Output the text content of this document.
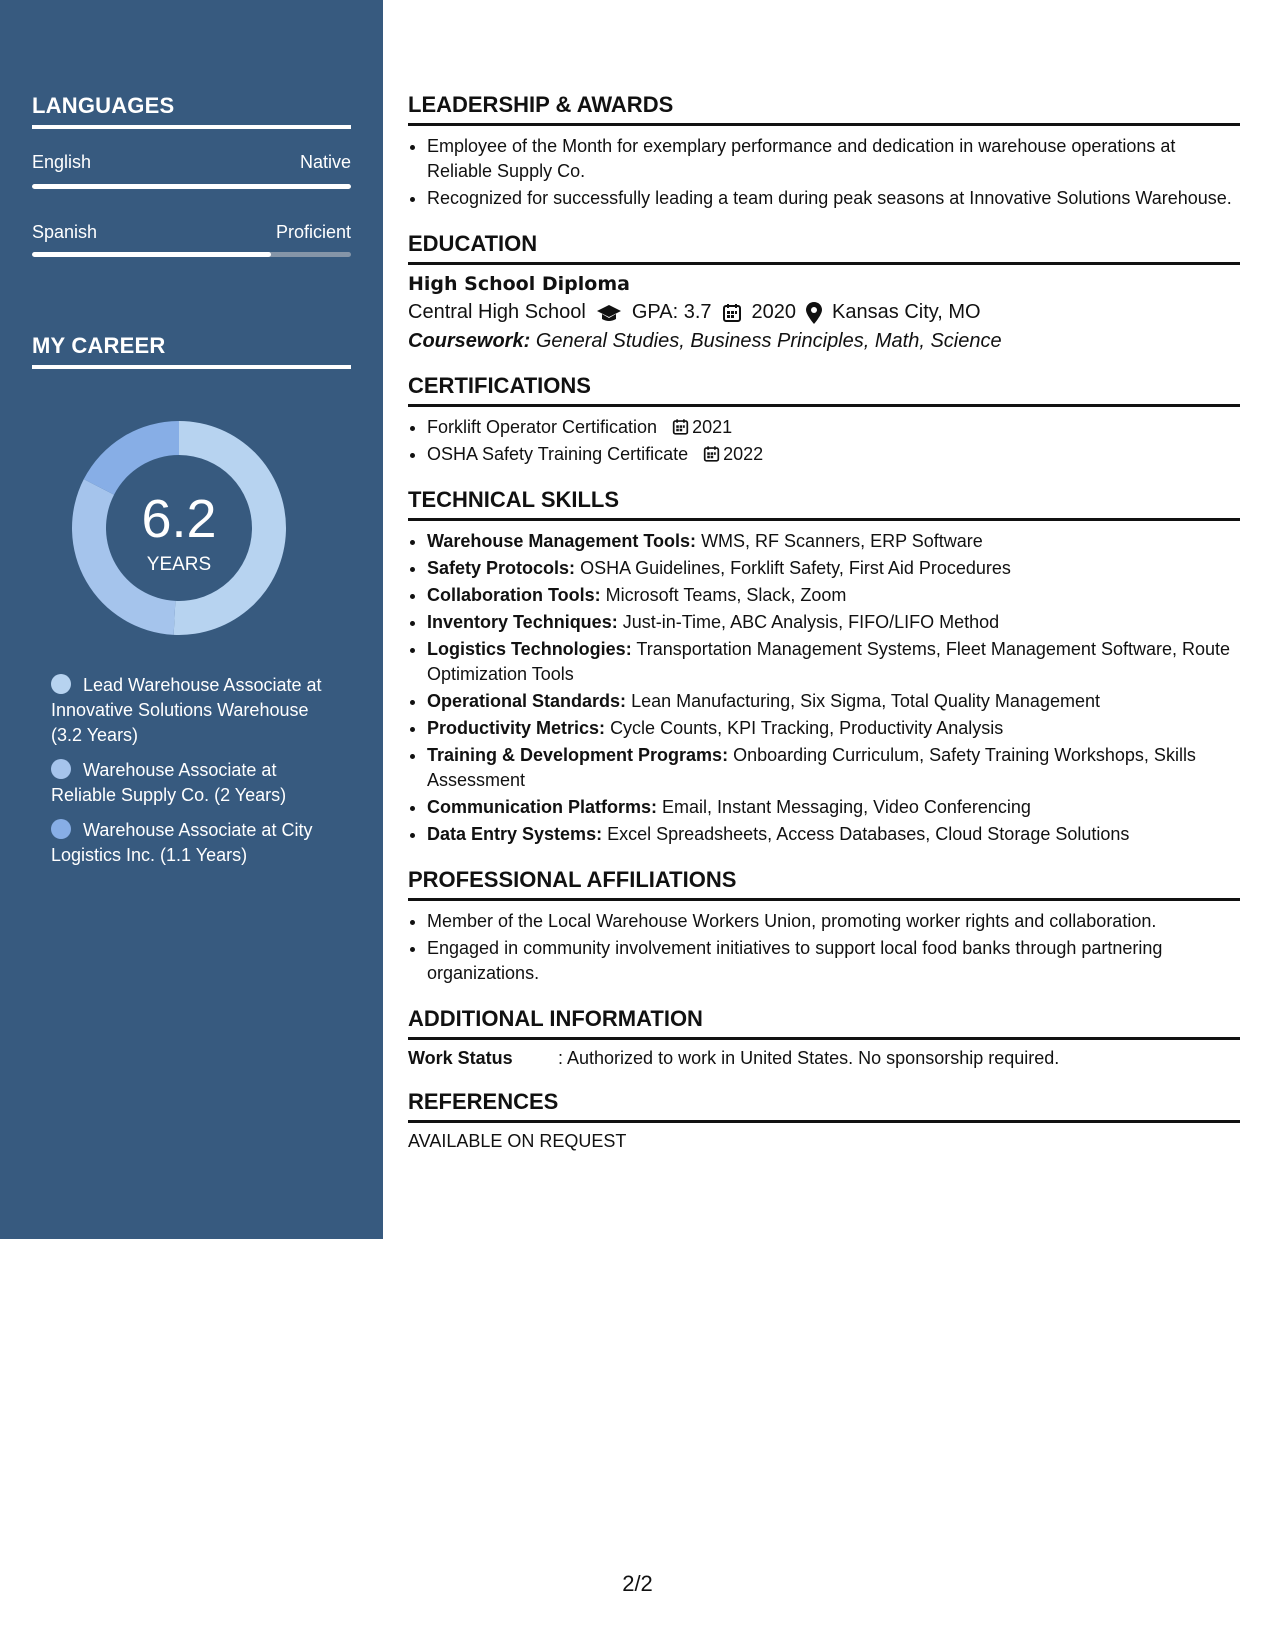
LANGUAGES
English	Native
Spanish	Proficient
MY CAREER
6.2
YEARS
Lead Warehouse Associate at Innovative Solutions Warehouse (3.2 Years)
Warehouse Associate at Reliable Supply Co. (2 Years)
Warehouse Associate at City Logistics Inc. (1.1 Years)
LEADERSHIP & AWARDS
• Employee of the Month for exemplary performance and dedication in warehouse operations at Reliable Supply Co.
• Recognized for successfully leading a team during peak seasons at Innovative Solutions Warehouse.
EDUCATION
High School Diploma
Central High School GPA: 3.7 2020 Kansas City, MO
Coursework: General Studies, Business Principles, Math, Science
CERTIFICATIONS
• Forklift Operator Certification 2021
• OSHA Safety Training Certificate 2022
TECHNICAL SKILLS
• Warehouse Management Tools: WMS, RF Scanners, ERP Software
• Safety Protocols: OSHA Guidelines, Forklift Safety, First Aid Procedures
• Collaboration Tools: Microsoft Teams, Slack, Zoom
• Inventory Techniques: Just-in-Time, ABC Analysis, FIFO/LIFO Method
• Logistics Technologies: Transportation Management Systems, Fleet Management Software, Route Optimization Tools
• Operational Standards: Lean Manufacturing, Six Sigma, Total Quality Management
• Productivity Metrics: Cycle Counts, KPI Tracking, Productivity Analysis
• Training & Development Programs: Onboarding Curriculum, Safety Training Workshops, Skills Assessment
• Communication Platforms: Email, Instant Messaging, Video Conferencing
• Data Entry Systems: Excel Spreadsheets, Access Databases, Cloud Storage Solutions
PROFESSIONAL AFFILIATIONS
• Member of the Local Warehouse Workers Union, promoting worker rights and collaboration.
• Engaged in community involvement initiatives to support local food banks through partnering organizations.
ADDITIONAL INFORMATION
Work Status	: Authorized to work in United States. No sponsorship required.
REFERENCES
AVAILABLE ON REQUEST
2/2
